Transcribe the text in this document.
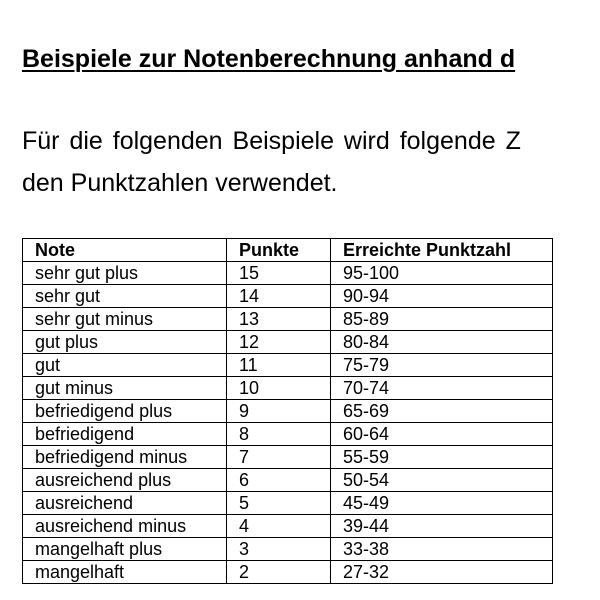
Beispiele zur Notenberechnung anhand d

Für die folgenden Beispiele wird folgende Z
den Punktzahlen verwendet.

Note	Punkte	Erreichte Punktzahl
sehr gut plus	15	95-100
sehr gut	14	90-94
sehr gut minus	13	85-89
gut plus	12	80-84
gut	11	75-79
gut minus	10	70-74
befriedigend plus	9	65-69
befriedigend	8	60-64
befriedigend minus	7	55-59
ausreichend plus	6	50-54
ausreichend	5	45-49
ausreichend minus	4	39-44
mangelhaft plus	3	33-38
mangelhaft	2	27-32
